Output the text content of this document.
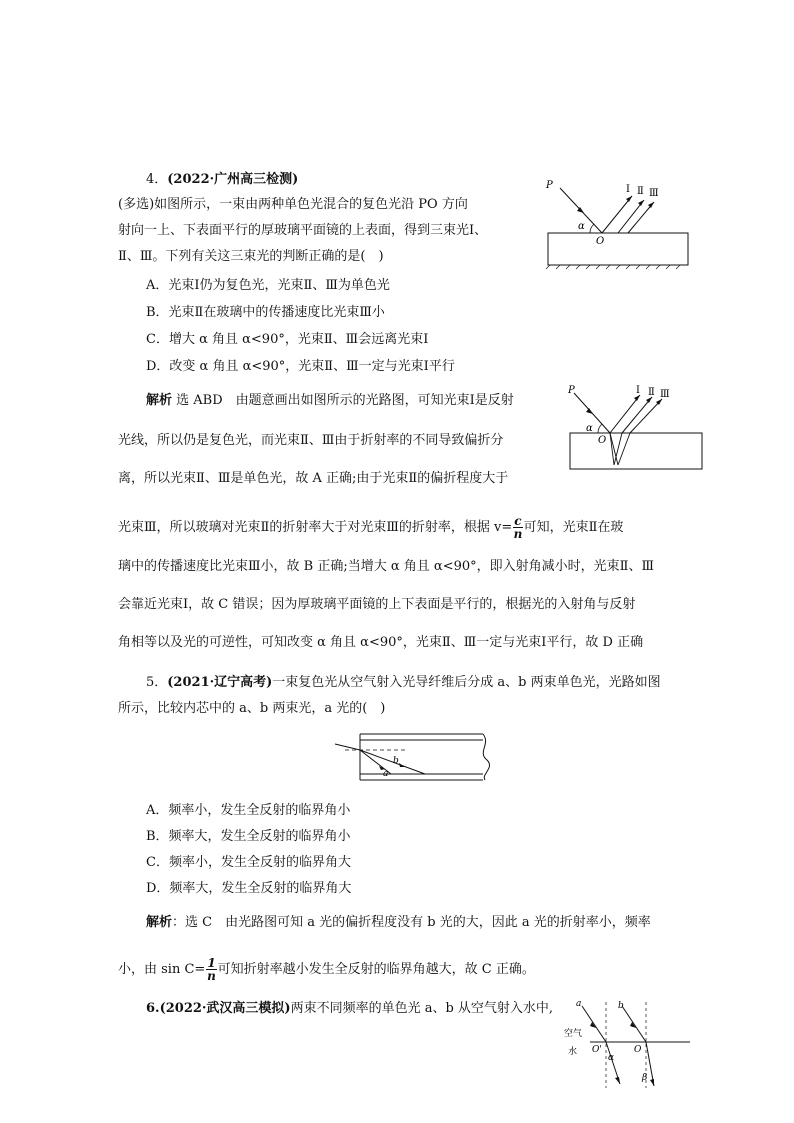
4．(2022·广州高三检测)
(多选)如图所示，一束由两种单色光混合的复色光沿 PO 方向
射向一上、下表面平行的厚玻璃平面镜的上表面，得到三束光Ⅰ、
Ⅱ、Ⅲ。下列有关这三束光的判断正确的是(　)
A．光束Ⅰ仍为复色光，光束Ⅱ、Ⅲ为单色光
B．光束Ⅱ在玻璃中的传播速度比光束Ⅲ小
C．增大 α 角且 α<90°，光束Ⅱ、Ⅲ会远离光束Ⅰ
D．改变 α 角且 α<90°，光束Ⅱ、Ⅲ一定与光束Ⅰ平行
解析 选 ABD　由题意画出如图所示的光路图，可知光束Ⅰ是反射
光线，所以仍是复色光，而光束Ⅱ、Ⅲ由于折射率的不同导致偏折分
离，所以光束Ⅱ、Ⅲ是单色光，故 A 正确;由于光束Ⅱ的偏折程度大于
光束Ⅲ，所以玻璃对光束Ⅱ的折射率大于对光束Ⅲ的折射率，根据 $v= \frac{c}{n}$ 可知，光束Ⅱ在玻
璃中的传播速度比光束Ⅲ小，故 B 正确;当增大 α 角且 α<90°，即入射角减小时，光束Ⅱ、Ⅲ
会靠近光束Ⅰ，故 C 错误；因为厚玻璃平面镜的上下表面是平行的，根据光的入射角与反射
角相等以及光的可逆性，可知改变 α 角且 α<90°，光束Ⅱ、Ⅲ一定与光束Ⅰ平行，故 D 正确
P
α
O
Ⅰ Ⅱ Ⅲ
P
α
O
Ⅰ Ⅱ Ⅲ
5．(2021·辽宁高考)一束复色光从空气射入光导纤维后分成 a、b 两束单色光，光路如图
所示，比较内芯中的 a、b 两束光，a 光的(　)
b
a
A．频率小，发生全反射的临界角小
B．频率大，发生全反射的临界角小
C．频率小，发生全反射的临界角大
D．频率大，发生全反射的临界角大
解析：选 C　由光路图可知 a 光的偏折程度没有 b 光的大，因此 a 光的折射率小，频率
小，由 $\sin C= \frac{1}{n}$ 可知折射率越小发生全反射的临界角越大，故 C 正确。
6.(2022·武汉高三模拟)两束不同频率的单色光 a、b 从空气射入水中,	a	b
空气
水 O'	O
α
β
